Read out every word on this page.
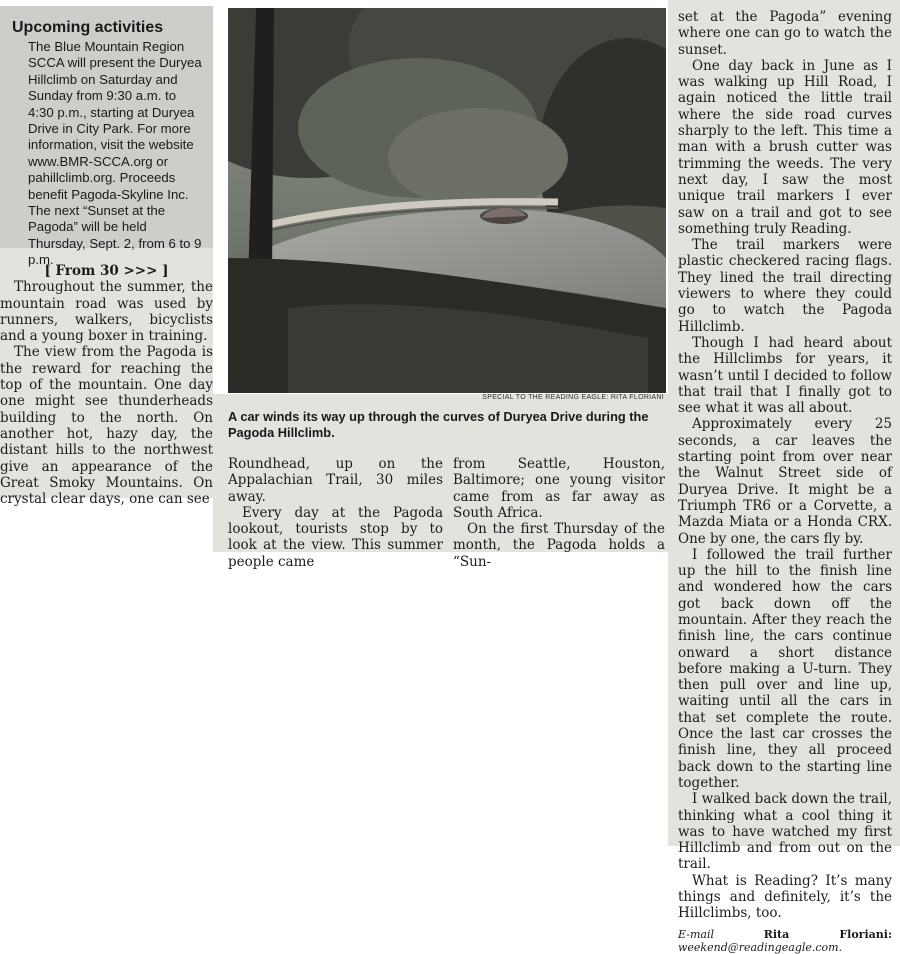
Upcoming activities

The Blue Mountain Region SCCA will present the Duryea Hillclimb on Saturday and Sunday from 9:30 a.m. to 4:30 p.m., starting at Duryea Drive in City Park. For more information, visit the website www.BMR-SCCA.org or pahillclimb.org. Proceeds benefit Pagoda-Skyline Inc.

The next “Sunset at the Pagoda” will be held Thursday, Sept. 2, from 6 to 9 p.m.

[ From 30 >>> ]

Throughout the summer, the mountain road was used by runners, walkers, bicyclists and a young boxer in training.

The view from the Pagoda is the reward for reaching the top of the mountain. One day one might see thunderheads building to the north. On another hot, hazy day, the distant hills to the northwest give an appearance of the Great Smoky Mountains. On crystal clear days, one can see

SPECIAL TO THE READING EAGLE: RITA FLORIANI
A car winds its way up through the curves of Duryea Drive during the Pagoda Hillclimb.

Roundhead, up on the Appalachian Trail, 30 miles away.

Every day at the Pagoda lookout, tourists stop by to look at the view. This summer people came

from Seattle, Houston, Baltimore; one young visitor came from as far away as South Africa.

On the first Thursday of the month, the Pagoda holds a “Sun-

set at the Pagoda” evening where one can go to watch the sunset.

One day back in June as I was walking up Hill Road, I again noticed the little trail where the side road curves sharply to the left. This time a man with a brush cutter was trimming the weeds. The very next day, I saw the most unique trail markers I ever saw on a trail and got to see something truly Reading.

The trail markers were plastic checkered racing flags. They lined the trail directing viewers to where they could go to watch the Pagoda Hillclimb.

Though I had heard about the Hillclimbs for years, it wasn’t until I decided to follow that trail that I finally got to see what it was all about.

Approximately every 25 seconds, a car leaves the starting point from over near the Walnut Street side of Duryea Drive. It might be a Triumph TR6 or a Corvette, a Mazda Miata or a Honda CRX. One by one, the cars fly by.

I followed the trail further up the hill to the finish line and wondered how the cars got back down off the mountain. After they reach the finish line, the cars continue onward a short distance before making a U-turn. They then pull over and line up, waiting until all the cars in that set complete the route. Once the last car crosses the finish line, they all proceed back down to the starting line together.

I walked back down the trail, thinking what a cool thing it was to have watched my first Hillclimb and from out on the trail.

What is Reading? It’s many things and definitely, it’s the Hillclimbs, too.

E-mail	Rita Floriani: weekend@readingeagle.com.
